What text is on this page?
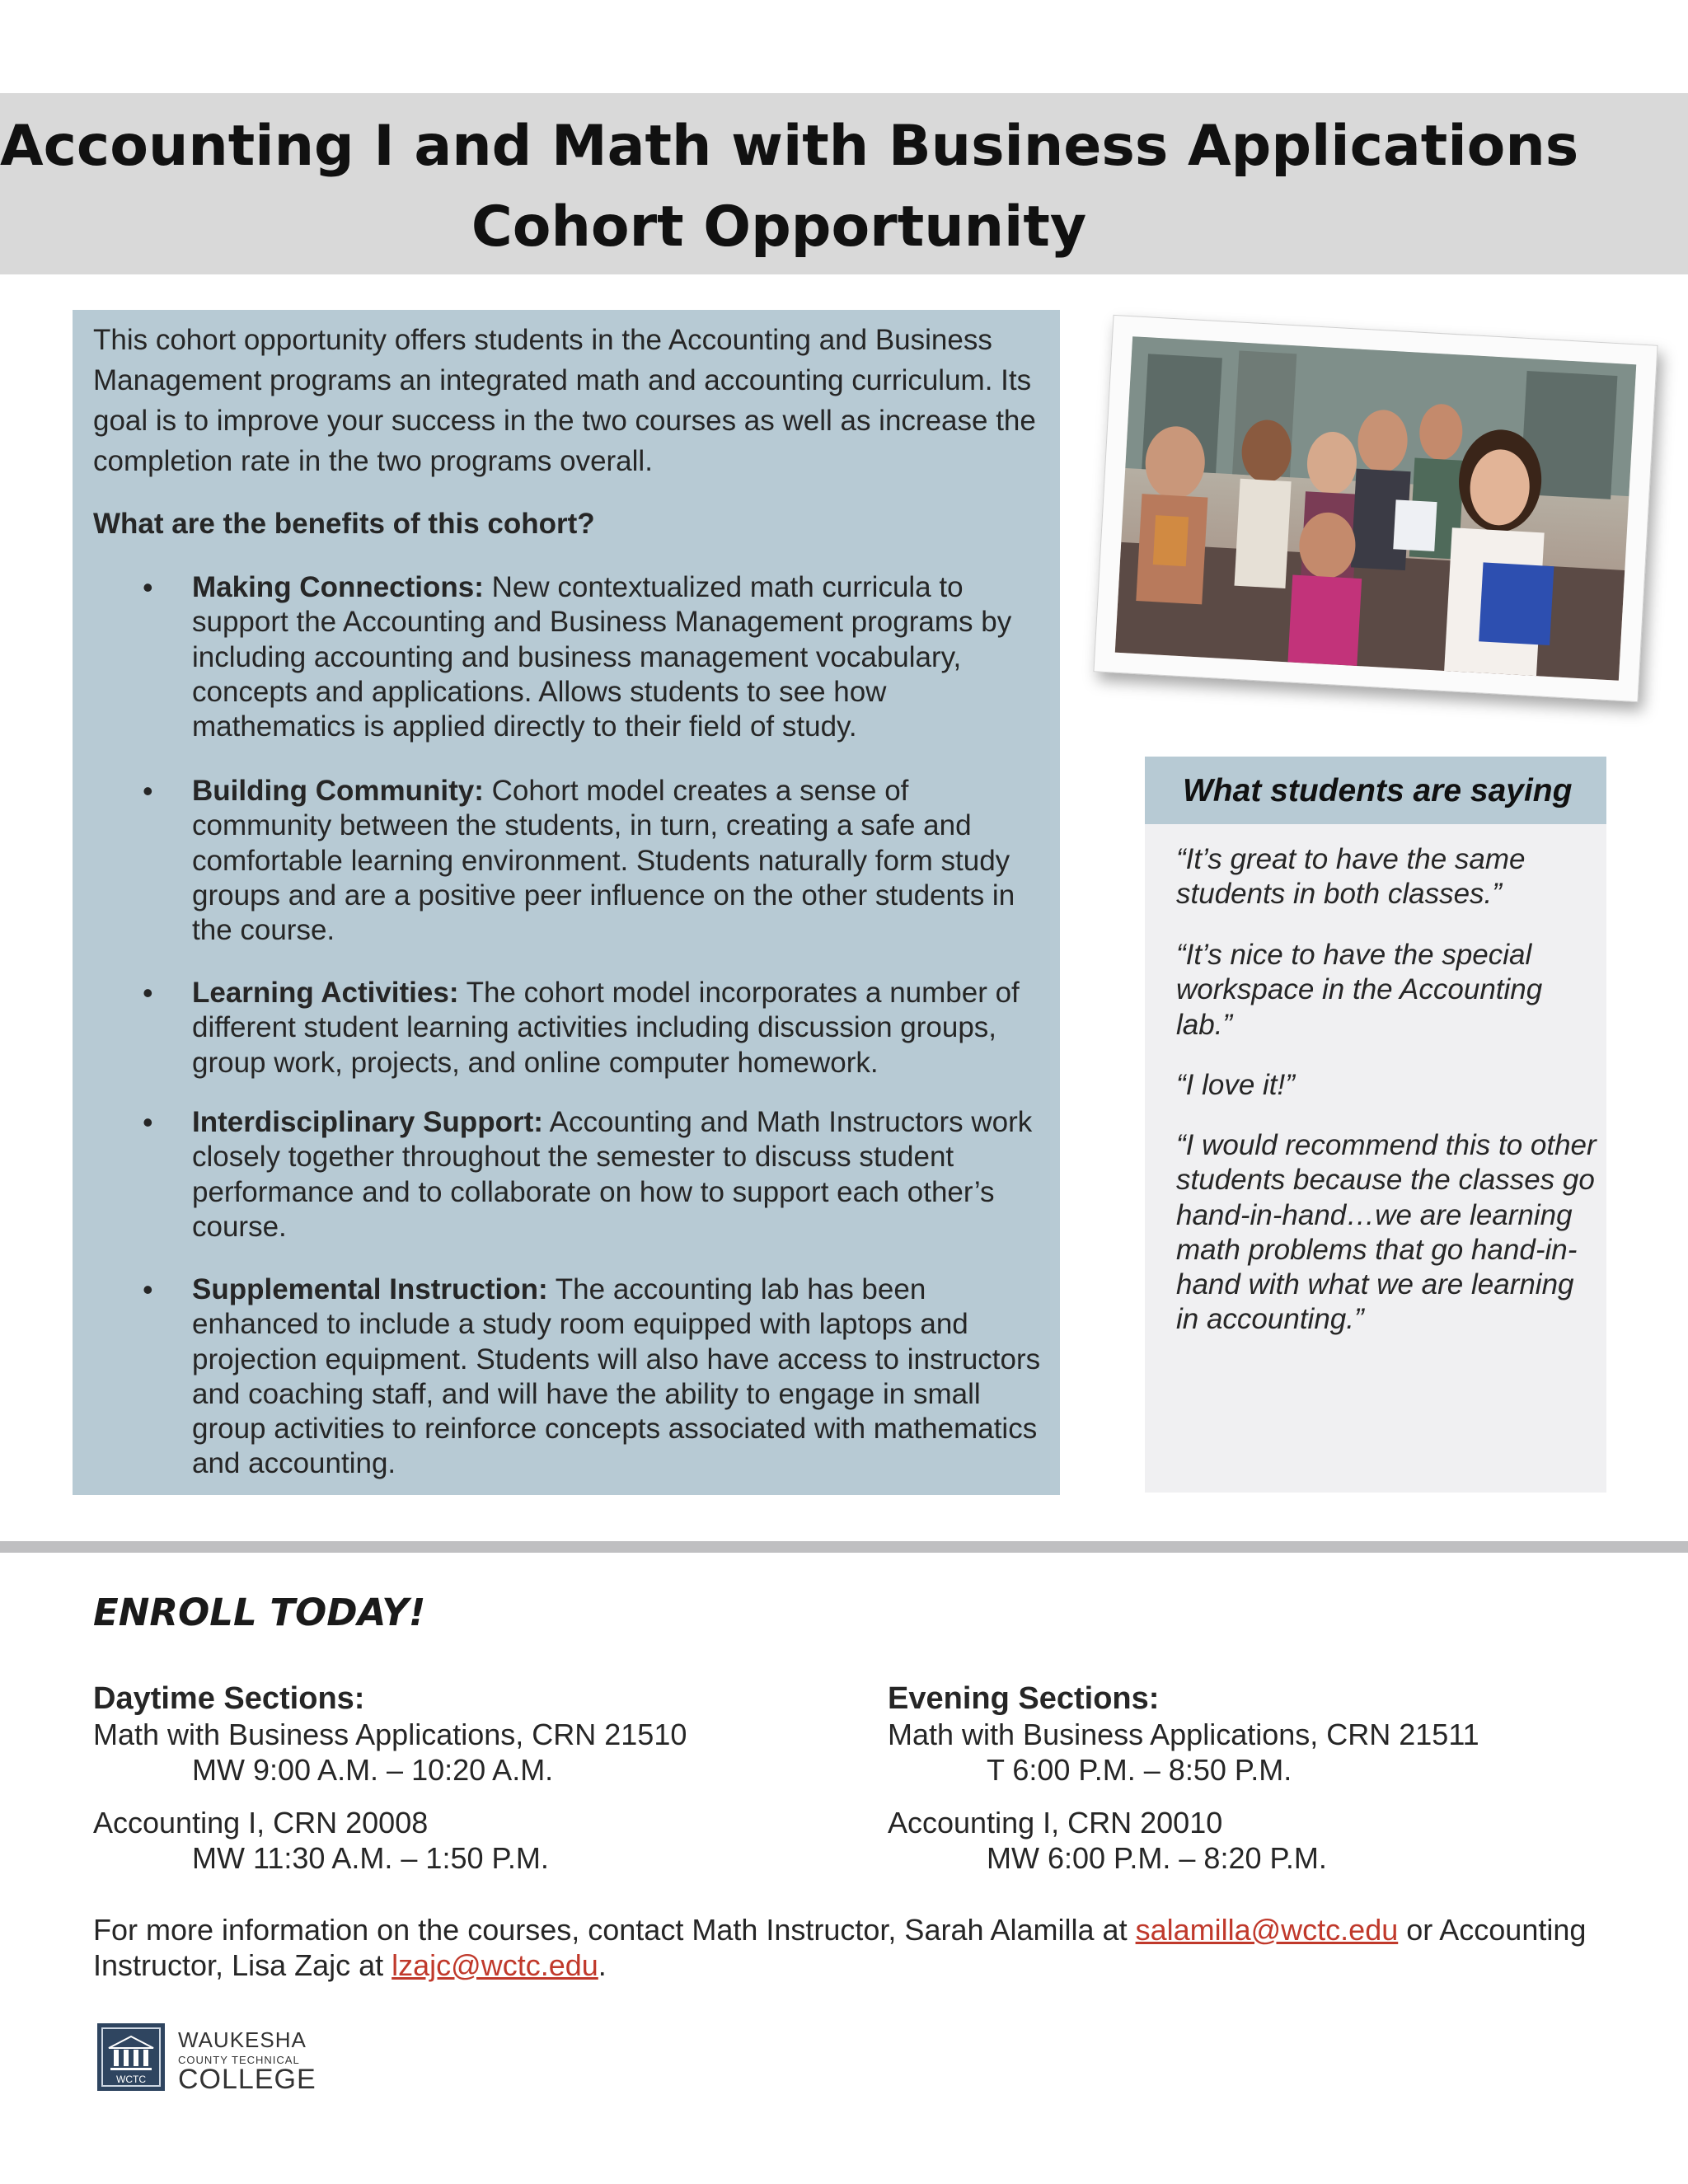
Accounting I and Math with Business Applications
Cohort Opportunity

This cohort opportunity offers students in the Accounting and Business Management programs an integrated math and accounting curriculum. Its goal is to improve your success in the two courses as well as increase the completion rate in the two programs overall.

What are the benefits of this cohort?

• Making Connections: New contextualized math curricula to support the Accounting and Business Management programs by including accounting and business management vocabulary, concepts and applications. Allows students to see how mathematics is applied directly to their field of study.
• Building Community: Cohort model creates a sense of community between the students, in turn, creating a safe and comfortable learning environment. Students naturally form study groups and are a positive peer influence on the other students in the course.
• Learning Activities: The cohort model incorporates a number of different student learning activities including discussion groups, group work, projects, and online computer homework.
• Interdisciplinary Support: Accounting and Math Instructors work closely together throughout the semester to discuss student performance and to collaborate on how to support each other’s course.
• Supplemental Instruction: The accounting lab has been enhanced to include a study room equipped with laptops and projection equipment. Students will also have access to instructors and coaching staff, and will have the ability to engage in small group activities to reinforce concepts associated with mathematics and accounting.
What students are saying

“It’s great to have the same students in both classes.”

“It’s nice to have the special workspace in the Accounting lab.”

“I love it!”

“I would recommend this to other students because the classes go hand-in-hand…we are learning math problems that go hand-in-hand with what we are learning in accounting.”

ENROLL TODAY!
Daytime Sections:
Math with Business Applications, CRN 21510
MW 9:00 A.M. – 10:20 A.M.
Accounting I, CRN 20008
MW 11:30 A.M. – 1:50 P.M.
Evening Sections:
Math with Business Applications, CRN 21511
T 6:00 P.M. – 8:50 P.M.
Accounting I, CRN 20010
MW 6:00 P.M. – 8:20 P.M.

For more information on the courses, contact Math Instructor, Sarah Alamilla at salamilla@wctc.edu or Accounting Instructor, Lisa Zajc at lzajc@wctc.edu.

WCTC
WAUKESHA
COUNTY TECHNICAL
COLLEGE
